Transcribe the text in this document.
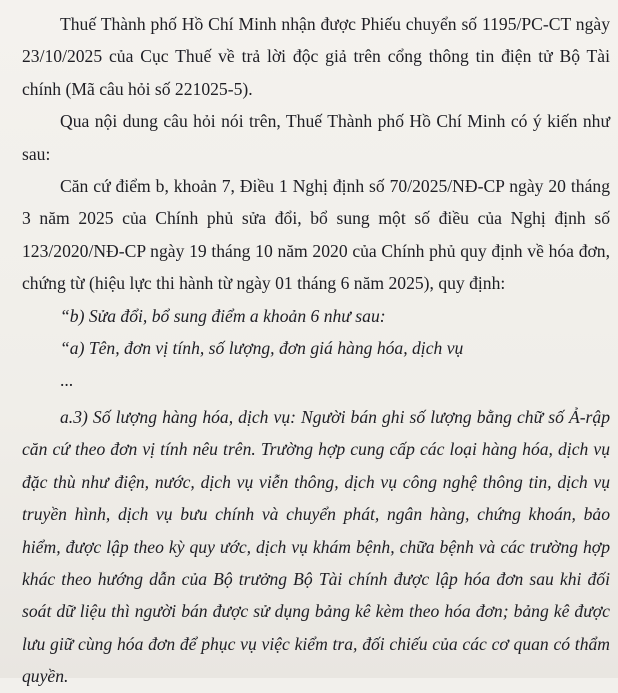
Thuế Thành phố Hồ Chí Minh nhận được Phiếu chuyển số 1195/PC-CT ngày 23/10/2025 của Cục Thuế về trả lời độc giả trên cổng thông tin điện tử Bộ Tài chính (Mã câu hỏi số 221025-5).

Qua nội dung câu hỏi nói trên, Thuế Thành phố Hồ Chí Minh có ý kiến như sau:

Căn cứ điểm b, khoản 7, Điều 1 Nghị định số 70/2025/NĐ-CP ngày 20 tháng 3 năm 2025 của Chính phủ sửa đổi, bổ sung một số điều của Nghị định số 123/2020/NĐ-CP ngày 19 tháng 10 năm 2020 của Chính phủ quy định về hóa đơn, chứng từ (hiệu lực thi hành từ ngày 01 tháng 6 năm 2025), quy định:

“b) Sửa đổi, bổ sung điểm a khoản 6 như sau:

“a) Tên, đơn vị tính, số lượng, đơn giá hàng hóa, dịch vụ

...

a.3) Số lượng hàng hóa, dịch vụ: Người bán ghi số lượng bằng chữ số Ả-rập căn cứ theo đơn vị tính nêu trên. Trường hợp cung cấp các loại hàng hóa, dịch vụ đặc thù như điện, nước, dịch vụ viễn thông, dịch vụ công nghệ thông tin, dịch vụ truyền hình, dịch vụ bưu chính và chuyển phát, ngân hàng, chứng khoán, bảo hiểm, được lập theo kỳ quy ước, dịch vụ khám bệnh, chữa bệnh và các trường hợp khác theo hướng dẫn của Bộ trưởng Bộ Tài chính được lập hóa đơn sau khi đối soát dữ liệu thì người bán được sử dụng bảng kê kèm theo hóa đơn; bảng kê được lưu giữ cùng hóa đơn để phục vụ việc kiểm tra, đối chiếu của các cơ quan có thẩm quyền.
